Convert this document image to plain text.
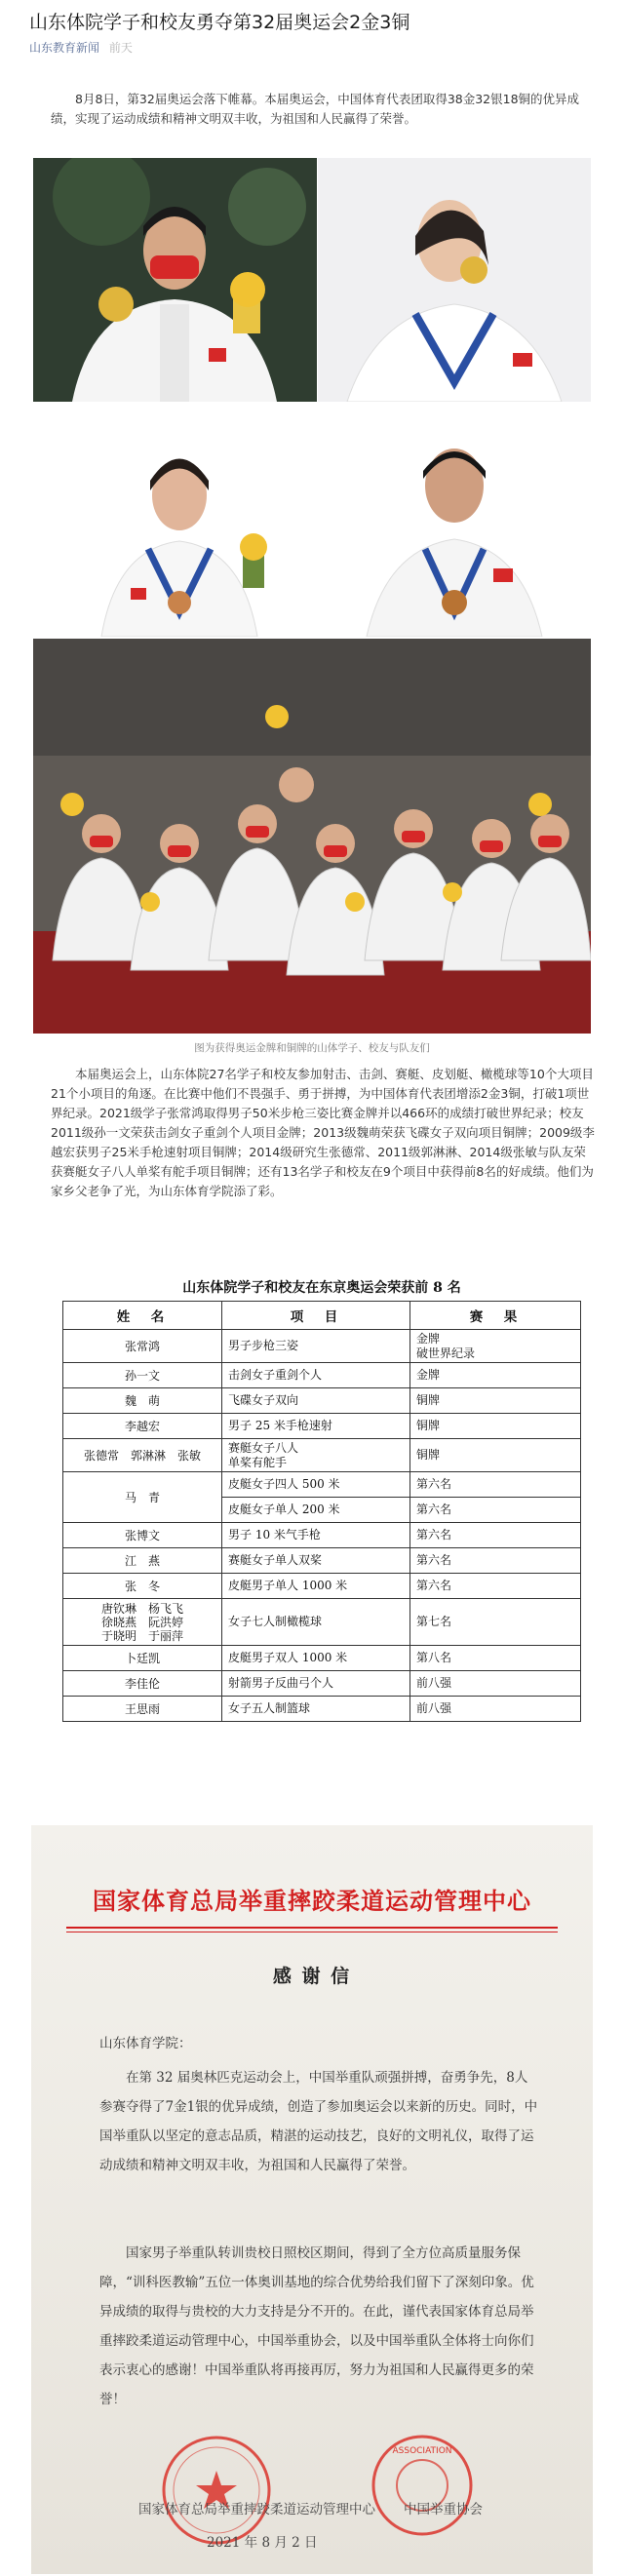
山东体院学子和校友勇夺第32届奥运会2金3铜
山东教育新闻 前天

8月8日，第32届奥运会落下帷幕。本届奥运会，中国体育代表团取得38金32银18铜的优异成绩，实现了运动成绩和精神文明双丰收，为祖国和人民赢得了荣誉。

图为获得奥运金牌和铜牌的山体学子、校友与队友们

本届奥运会上，山东体院27名学子和校友参加射击、击剑、赛艇、皮划艇、橄榄球等10个大项目21个小项目的角逐。在比赛中他们不畏强手、勇于拼搏，为中国体育代表团增添2金3铜，打破1项世界纪录。2021级学子张常鸿取得男子50米步枪三姿比赛金牌并以466环的成绩打破世界纪录；校友2011级孙一文荣获击剑女子重剑个人项目金牌；2013级魏萌荣获飞碟女子双向项目铜牌；2009级李越宏获男子25米手枪速射项目铜牌；2014级研究生张德常、2011级郭淋淋、2014级张敏与队友荣获赛艇女子八人单桨有舵手项目铜牌；还有13名学子和校友在9个项目中获得前8名的好成绩。他们为家乡父老争了光，为山东体育学院添了彩。

山东体院学子和校友在东京奥运会荣获前 8 名
姓　名	项　目	赛　果
张常鸿	男子步枪三姿	金牌
破世界纪录
孙一文	击剑女子重剑个人	金牌
魏　萌	飞碟女子双向	铜牌
李越宏	男子 25 米手枪速射	铜牌
张德常　郭淋淋　张敏	赛艇女子八人
单桨有舵手	铜牌
马　青	皮艇女子四人 500 米	第六名
	皮艇女子单人 200 米	第六名
张博文	男子 10 米气手枪	第六名
江　燕	赛艇女子单人双桨	第六名
张　冬	皮艇男子单人 1000 米	第六名
唐钦琳　杨飞飞
徐晓燕　阮洪婷
于晓明　于丽萍	女子七人制橄榄球	第七名
卜廷凯	皮艇男子双人 1000 米	第八名
李佳伦	射箭男子反曲弓个人	前八强
王思雨	女子五人制篮球	前八强
国家体育总局举重摔跤柔道运动管理中心
感 谢 信
山东体育学院：

在第 32 届奥林匹克运动会上，中国举重队顽强拼搏，奋勇争先，8人参赛夺得了7金1银的优异成绩，创造了参加奥运会以来新的历史。同时，中国举重队以坚定的意志品质，精湛的运动技艺，良好的文明礼仪，取得了运动成绩和精神文明双丰收，为祖国和人民赢得了荣誉。

国家男子举重队转训贵校日照校区期间，得到了全方位高质量服务保障，“训科医教输”五位一体奥训基地的综合优势给我们留下了深刻印象。优异成绩的取得与贵校的大力支持是分不开的。在此，谨代表国家体育总局举重摔跤柔道运动管理中心，中国举重协会，以及中国举重队全体将士向你们表示衷心的感谢！中国举重队将再接再厉，努力为祖国和人民赢得更多的荣誉！

ASSOCIATION
国家体育总局举重摔跤柔道运动管理中心 中国举重协会
2021 年 8 月 2 日
